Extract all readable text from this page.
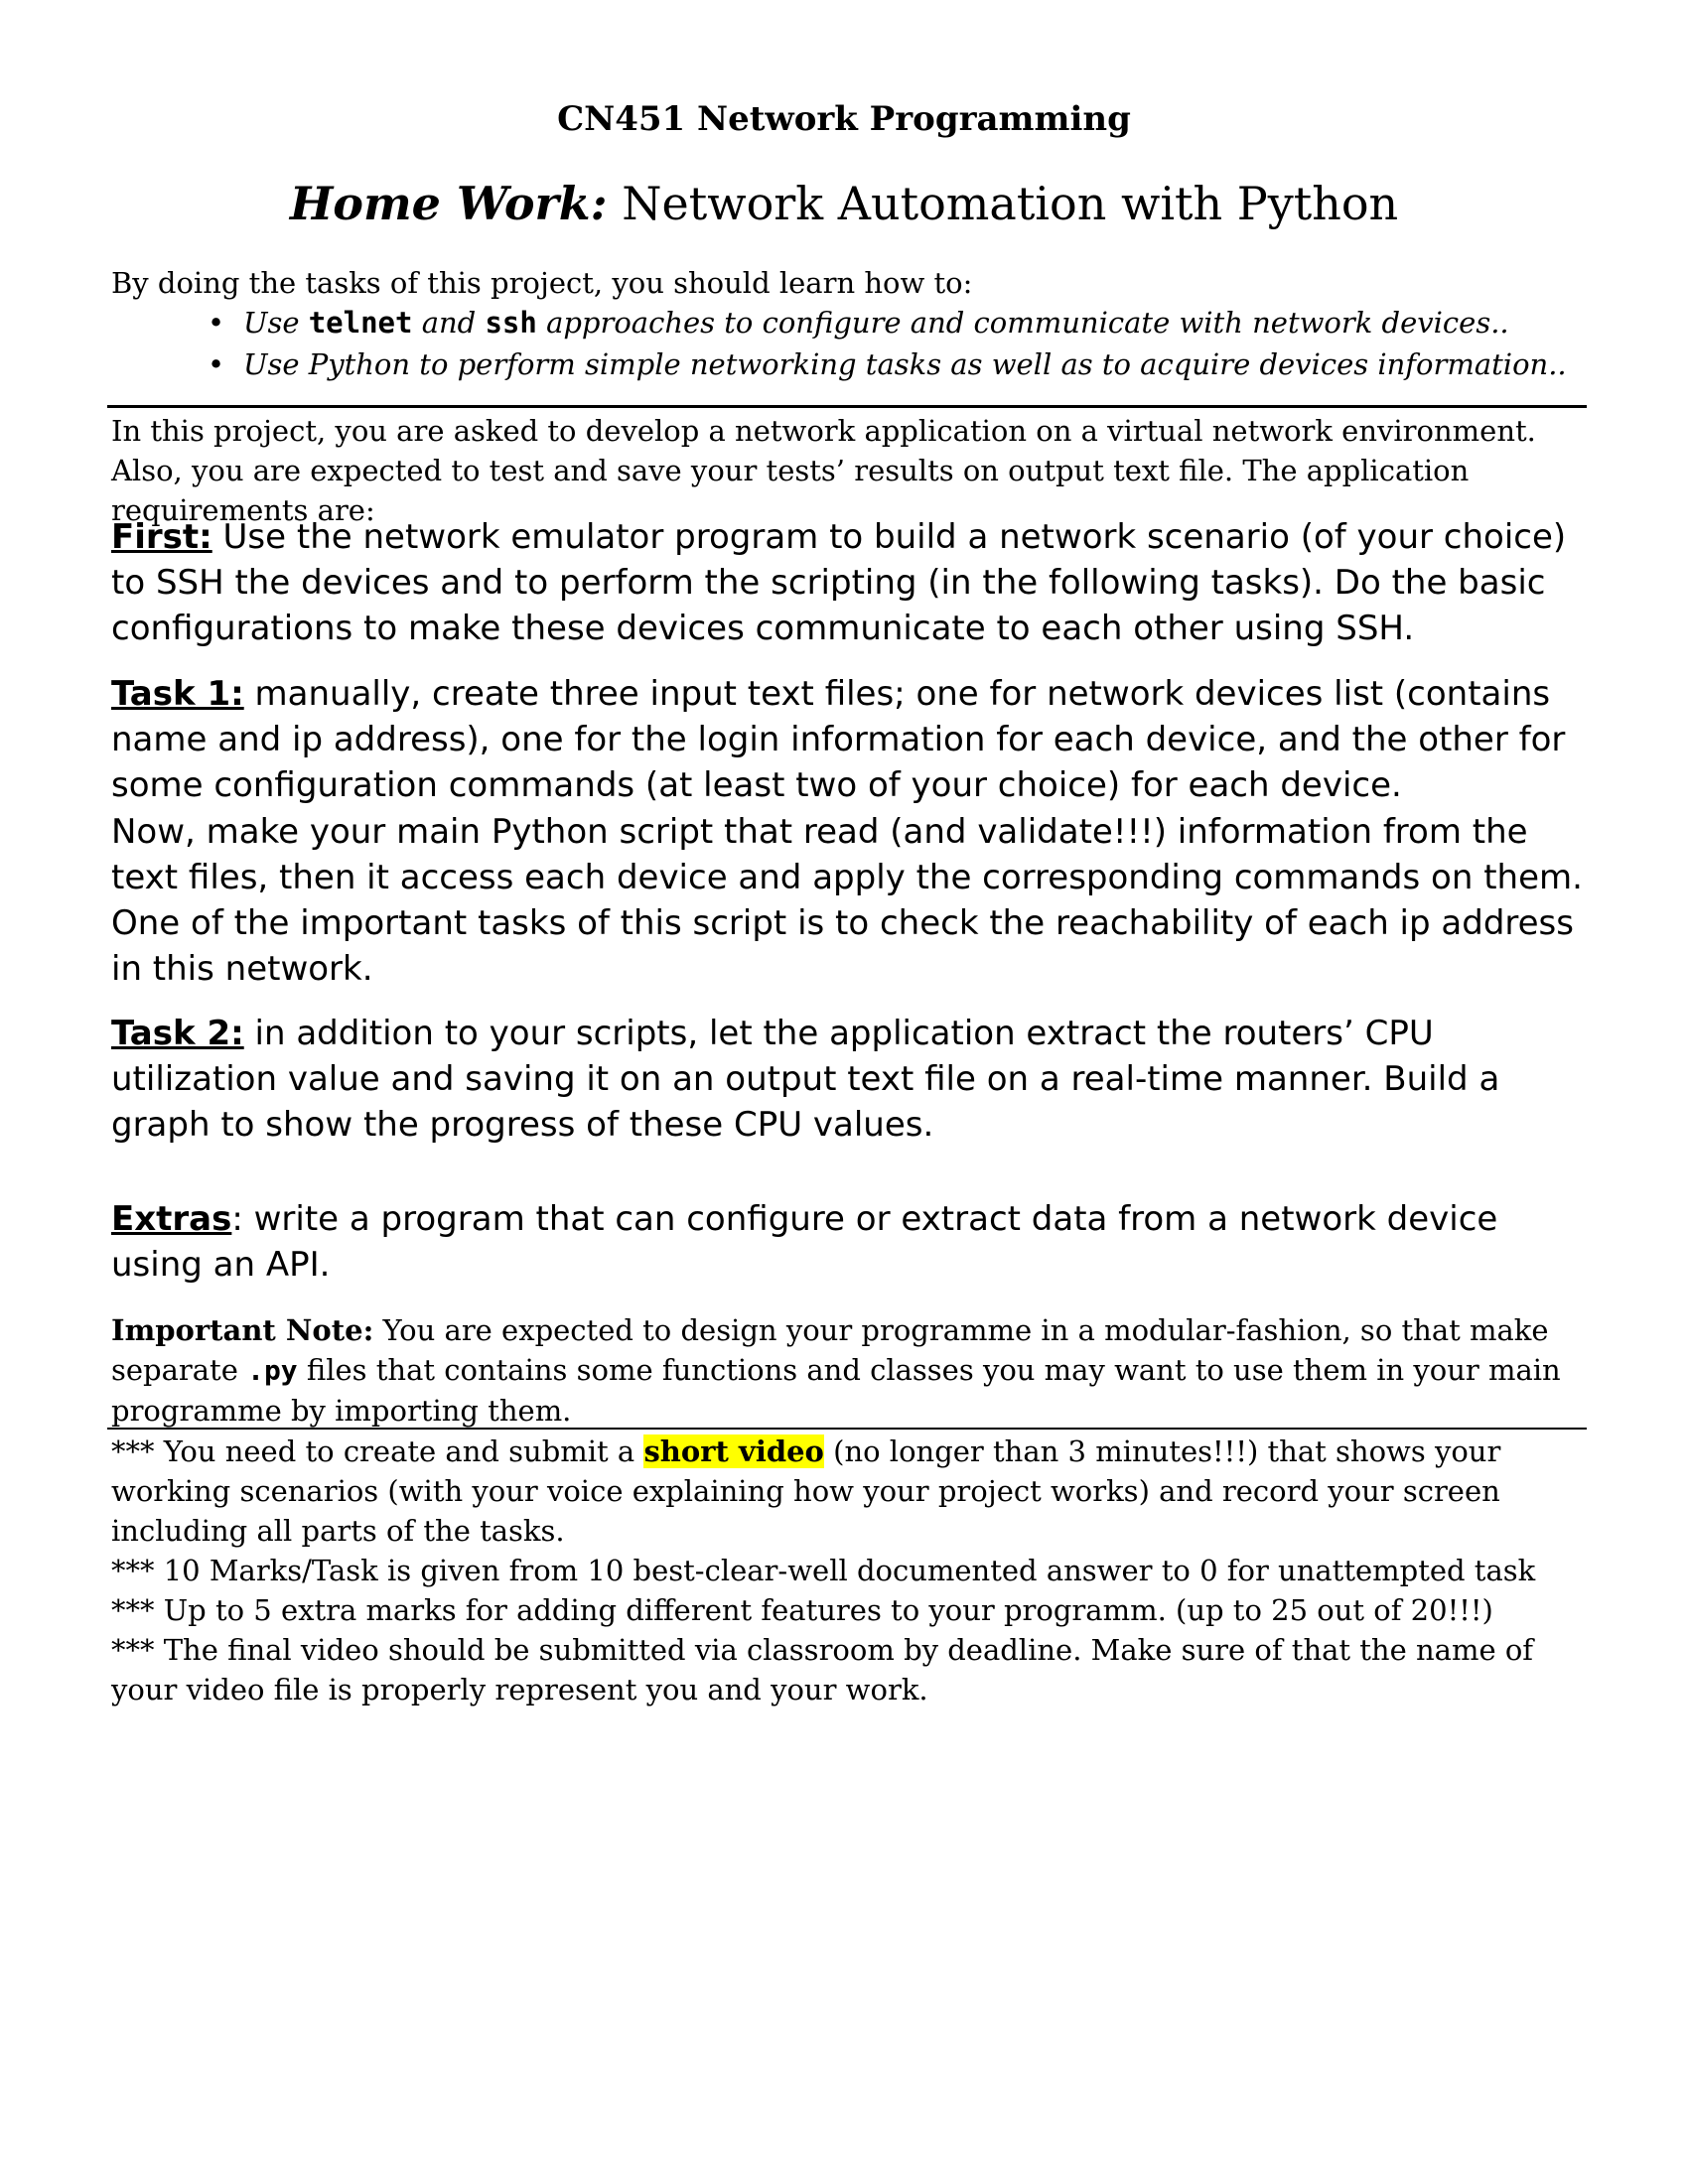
CN451 Network Programming
Home Work: Network Automation with Python
By doing the tasks of this project, you should learn how to:
• Use telnet and ssh approaches to configure and communicate with network devices..
• Use Python to perform simple networking tasks as well as to acquire devices information..
In this project, you are asked to develop a network application on a virtual network environment. Also, you are expected to test and save your tests’ results on output text file. The application requirements are:
First: Use the network emulator program to build a network scenario (of your choice) to SSH the devices and to perform the scripting (in the following tasks). Do the basic configurations to make these devices communicate to each other using SSH.
Task 1: manually, create three input text files; one for network devices list (contains name and ip address), one for the login information for each device, and the other for some configuration commands (at least two of your choice) for each device.
Now, make your main Python script that read (and validate!!!) information from the text files, then it access each device and apply the corresponding commands on them. One of the important tasks of this script is to check the reachability of each ip address in this network.
Task 2: in addition to your scripts, let the application extract the routers’ CPU utilization value and saving it on an output text file on a real-time manner. Build a graph to show the progress of these CPU values.
Extras: write a program that can configure or extract data from a network device using an API.
Important Note: You are expected to design your programme in a modular-fashion, so that make separate .py files that contains some functions and classes you may want to use them in your main programme by importing them.
*** You need to create and submit a short video (no longer than 3 minutes!!!) that shows your working scenarios (with your voice explaining how your project works) and record your screen including all parts of the tasks.
*** 10 Marks/Task is given from 10 best-clear-well documented answer to 0 for unattempted task
*** Up to 5 extra marks for adding different features to your programm. (up to 25 out of 20!!!)
*** The final video should be submitted via classroom by deadline. Make sure of that the name of your video file is properly represent you and your work.
